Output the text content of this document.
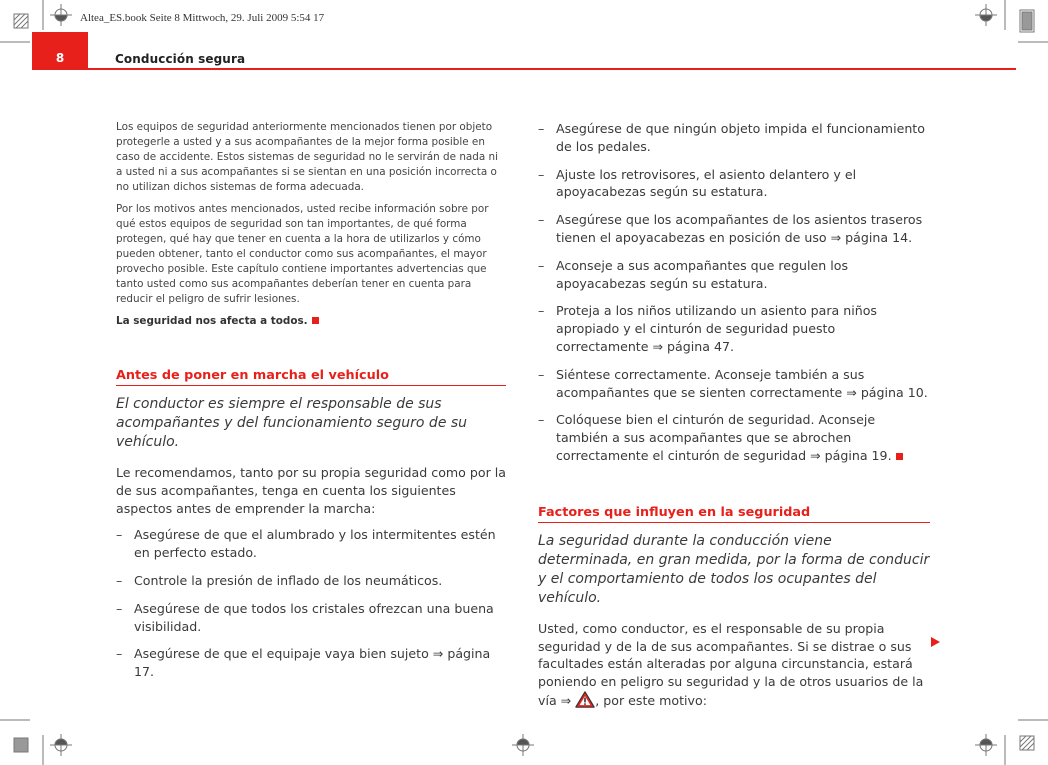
Altea_ES.book Seite 8 Mittwoch, 29. Juli 2009 5:54 17
8	Conducción segura

Los equipos de seguridad anteriormente mencionados tienen por objeto protegerle a usted y a sus acompañantes de la mejor forma posible en caso de accidente. Estos sistemas de seguridad no le servirán de nada ni a usted ni a sus acompañantes si se sientan en una posición incorrecta o no utilizan dichos sistemas de forma adecuada.

Por los motivos antes mencionados, usted recibe información sobre por qué estos equipos de seguridad son tan importantes, de qué forma protegen, qué hay que tener en cuenta a la hora de utilizarlos y cómo pueden obtener, tanto el conductor como sus acompañantes, el mayor provecho posible. Este capítulo contiene importantes advertencias que tanto usted como sus acompañantes deberían tener en cuenta para reducir el peligro de sufrir lesiones.

La seguridad nos afecta a todos.

Antes de poner en marcha el vehículo

El conductor es siempre el responsable de sus acompañantes y del funcionamiento seguro de su vehículo.

Le recomendamos, tanto por su propia seguridad como por la de sus acompañantes, tenga en cuenta los siguientes aspectos antes de emprender la marcha:

– Asegúrese de que el alumbrado y los intermitentes estén en perfecto estado.
– Controle la presión de inflado de los neumáticos.
– Asegúrese de que todos los cristales ofrezcan una buena visibilidad.
– Asegúrese de que el equipaje vaya bien sujeto ⇒ página 17.
– Asegúrese de que ningún objeto impida el funcionamiento de los pedales.
– Ajuste los retrovisores, el asiento delantero y el apoyacabezas según su estatura.
– Asegúrese que los acompañantes de los asientos traseros tienen el apoyacabezas en posición de uso ⇒ página 14.
– Aconseje a sus acompañantes que regulen los apoyacabezas según su estatura.
– Proteja a los niños utilizando un asiento para niños apropiado y el cinturón de seguridad puesto correctamente ⇒ página 47.
– Siéntese correctamente. Aconseje también a sus acompañantes que se sienten correctamente ⇒ página 10.
– Colóquese bien el cinturón de seguridad. Aconseje también a sus acompañantes que se abrochen correctamente el cinturón de seguridad ⇒ página 19.
Factores que influyen en la seguridad

La seguridad durante la conducción viene determinada, en gran medida, por la forma de conducir y el comportamiento de todos los ocupantes del vehículo.

Usted, como conductor, es el responsable de su propia seguridad y de la de sus acompañantes. Si se distrae o sus facultades están alteradas por alguna circunstancia, estará poniendo en peligro su seguridad y la de otros usuarios de la vía ⇒ , por este motivo:
